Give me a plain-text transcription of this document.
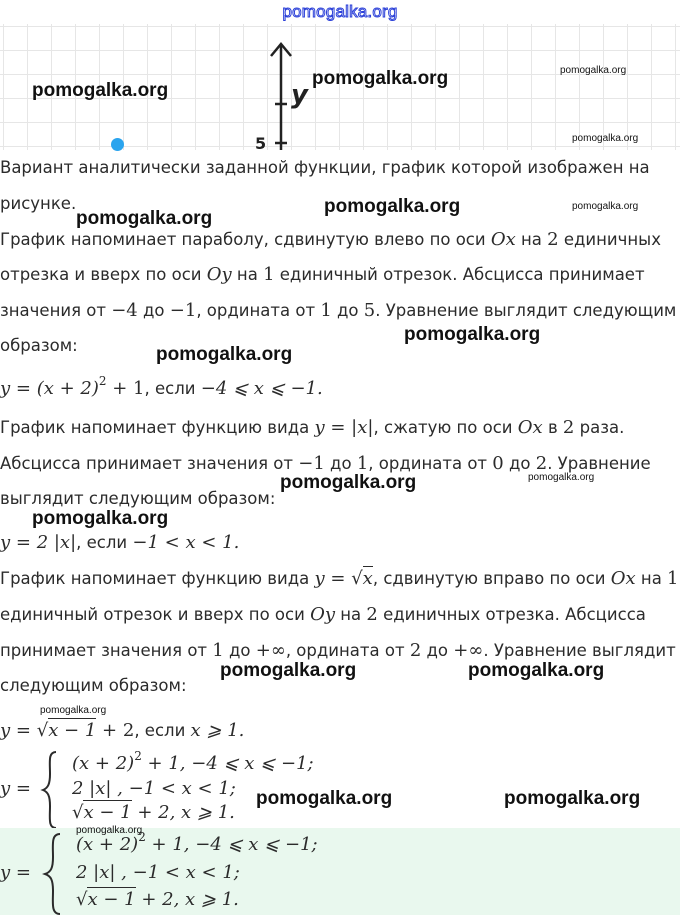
pomogalka.org
y
5
Вариант аналитически заданной функции, график которой изображен на
рисунке.
График напоминает параболу, сдвинутую влево по оси Ox на 2 единичных
отрезка и вверх по оси Oy на 1 единичный отрезок. Абсцисса принимает
значения от −4 до −1, ордината от 1 до 5. Уравнение выглядит следующим
образом:
$y = (x + 2)^2 + 1$, если −4 ⩽ x ⩽ −1.
График напоминает функцию вида y = |x|, сжатую по оси Ox в 2 раза.
Абсцисса принимает значения от −1 до 1, ордината от 0 до 2. Уравнение
выглядит следующим образом:
y = 2 |x|, если −1 < x < 1.
График напоминает функцию вида y = √x, сдвинутую вправо по оси Ox на 1
единичный отрезок и вверх по оси Oy на 2 единичных отрезка. Абсцисса
принимает значения от 1 до +∞, ордината от 2 до +∞. Уравнение выглядит
следующим образом:
y = √x − 1 + 2, если x ⩾ 1.
y =
$(x + 2)^2 + 1$, −4 ⩽ x ⩽ −1;
2 |x| , −1 < x < 1;
√x − 1 + 2, x ⩾ 1.
y =
$(x + 2)^2 + 1$, −4 ⩽ x ⩽ −1;
2 |x| , −1 < x < 1;
√x − 1 + 2, x ⩾ 1.
pomogalka.org
pomogalka.org	pomogalka.org
pomogalka.org
pomogalka.org
pomogalka.org	pomogalka.org
pomogalka.org
pomogalka.org
pomogalka.org	pomogalka.org
pomogalka.org
pomogalka.org	pomogalka.org
pomogalka.org
pomogalka.org	pomogalka.org
pomogalka.org
